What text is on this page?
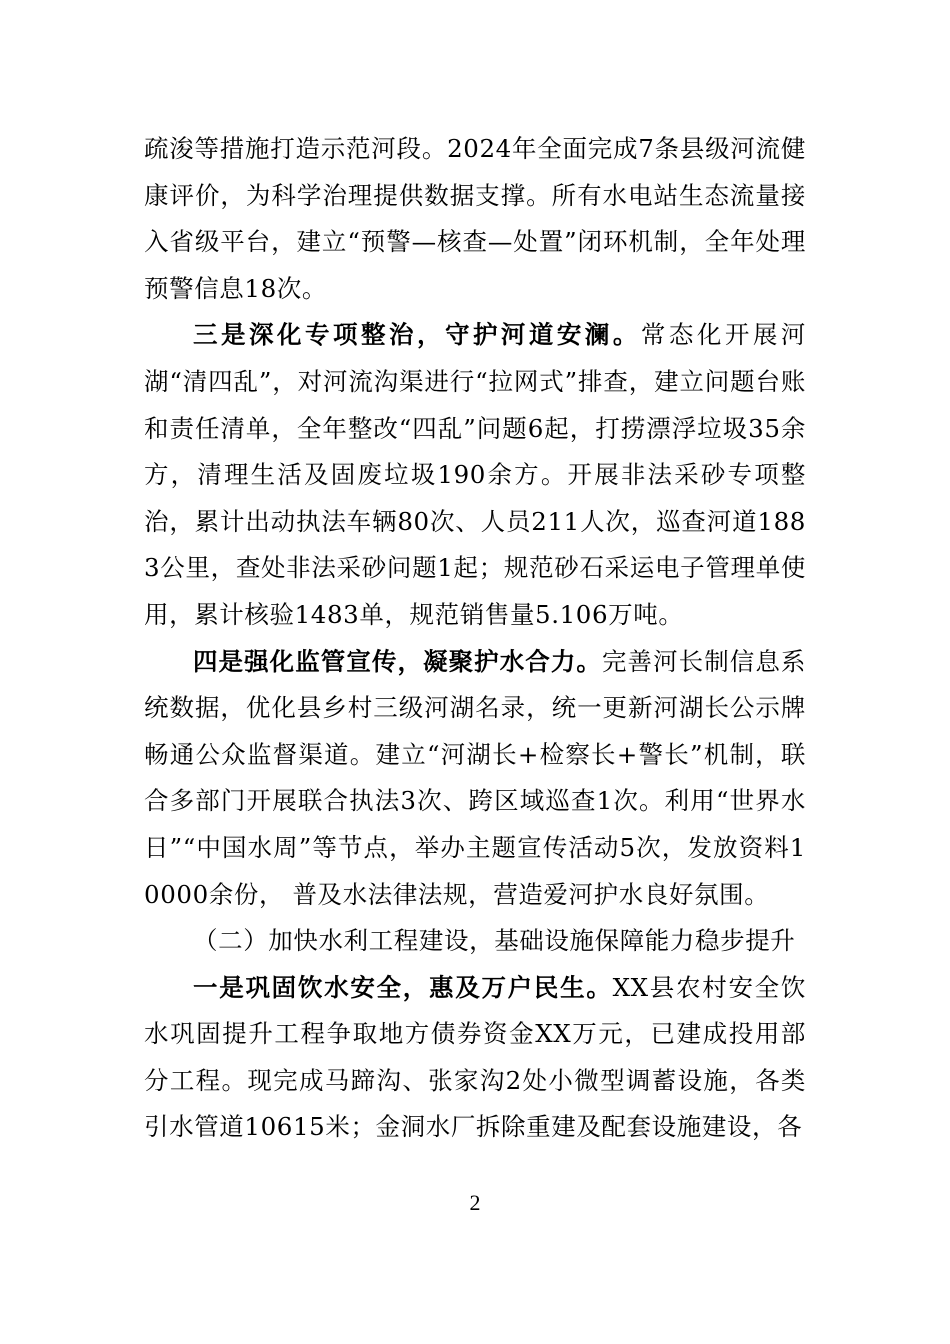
疏浚等措施打造示范河段。2024年全面完成7条县级河流健康评价，为科学治理提供数据支撑。所有水电站生态流量接入省级平台，建立“预警—核查—处置”闭环机制，全年处理预警信息18次。

三是深化专项整治，守护河道安澜。常态化开展河湖“清四乱”，对河流沟渠进行“拉网式”排查，建立问题台账和责任清单，全年整改“四乱”问题6起，打捞漂浮垃圾35余方，清理生活及固废垃圾190余方。开展非法采砂专项整治，累计出动执法车辆80次、人员211人次，巡查河道1883公里，查处非法采砂问题1起；规范砂石采运电子管理单使用，累计核验1483单，规范销售量5.106万吨。

四是强化监管宣传，凝聚护水合力。完善河长制信息系统数据，优化县乡村三级河湖名录，统一更新河湖长公示牌畅通公众监督渠道。建立“河湖长+检察长+警长”机制，联合多部门开展联合执法3次、跨区域巡查1次。利用“世界水日”“中国水周”等节点，举办主题宣传活动5次，发放资料10000余份， 普及水法律法规，营造爱河护水良好氛围。

（二）加快水利工程建设，基础设施保障能力稳步提升

一是巩固饮水安全，惠及万户民生。XX县农村安全饮水巩固提升工程争取地方债券资金XX万元，已建成投用部分工程。现完成马蹄沟、张家沟2处小微型调蓄设施，各类引水管道10615米；金洞水厂拆除重建及配套设施建设，各

2
